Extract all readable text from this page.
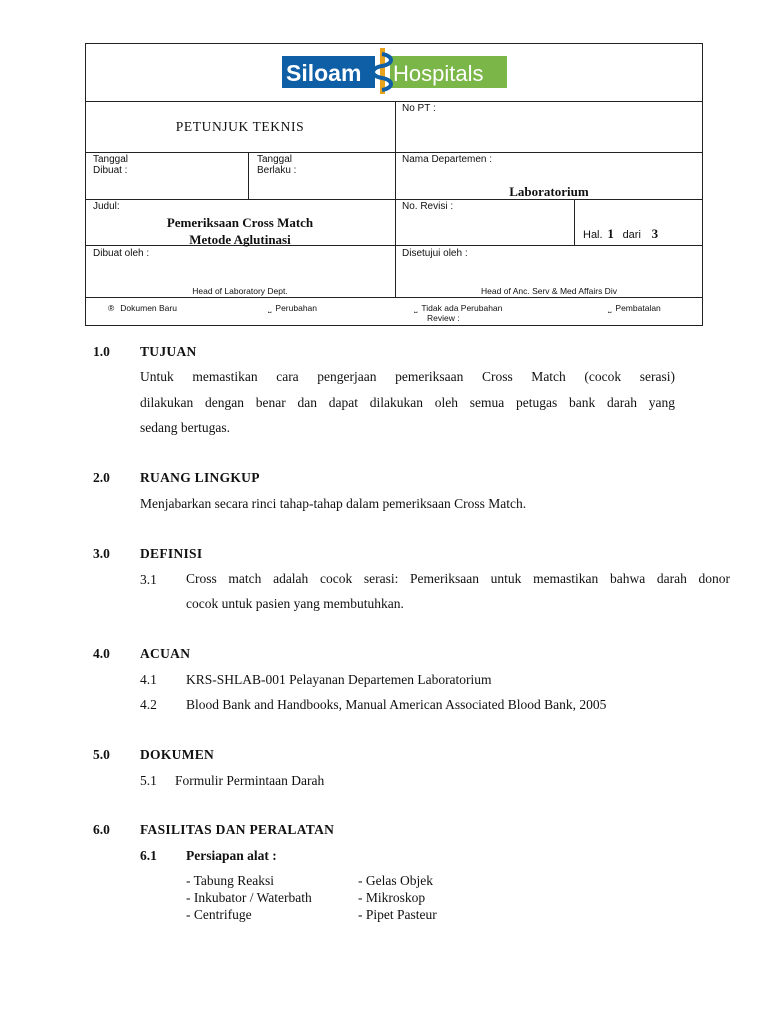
Siloam Hospitals
PETUNJUK TEKNIS
No PT :
Tanggal
Dibuat :
Tanggal
Berlaku :
Nama Departemen :
Laboratorium
Judul:
Pemeriksaan Cross Match
Metode Aglutinasi
No. Revisi :
Hal. 1 dari 3
Dibuat oleh :
Head of Laboratory Dept.
Disetujui oleh :
Head of Anc. Serv & Med Affairs Div
® Dokumen Baru	⎵ Perubahan	⎵ Tidak ada Perubahan
Review :
⎵ Pembatalan
1.0 TUJUAN
Untuk memastikan cara pengerjaan pemeriksaan Cross Match (cocok serasi)
dilakukan dengan benar dan dapat dilakukan oleh semua petugas bank darah yang
sedang bertugas.
2.0 RUANG LINGKUP
Menjabarkan secara rinci tahap-tahap dalam pemeriksaan Cross Match.
3.0 DEFINISI
3.1 Cross match adalah cocok serasi: Pemeriksaan untuk memastikan bahwa darah donor
cocok untuk pasien yang membutuhkan.
4.0 ACUAN
4.1 KRS-SHLAB-001 Pelayanan Departemen Laboratorium
4.2 Blood Bank and Handbooks, Manual American Associated Blood Bank, 2005
5.0 DOKUMEN
5.1 Formulir Permintaan Darah
6.0 FASILITAS DAN PERALATAN
6.1 Persiapan alat :
- Tabung Reaksi
- Inkubator / Waterbath
- Centrifuge
- Gelas Objek
- Mikroskop
- Pipet Pasteur
